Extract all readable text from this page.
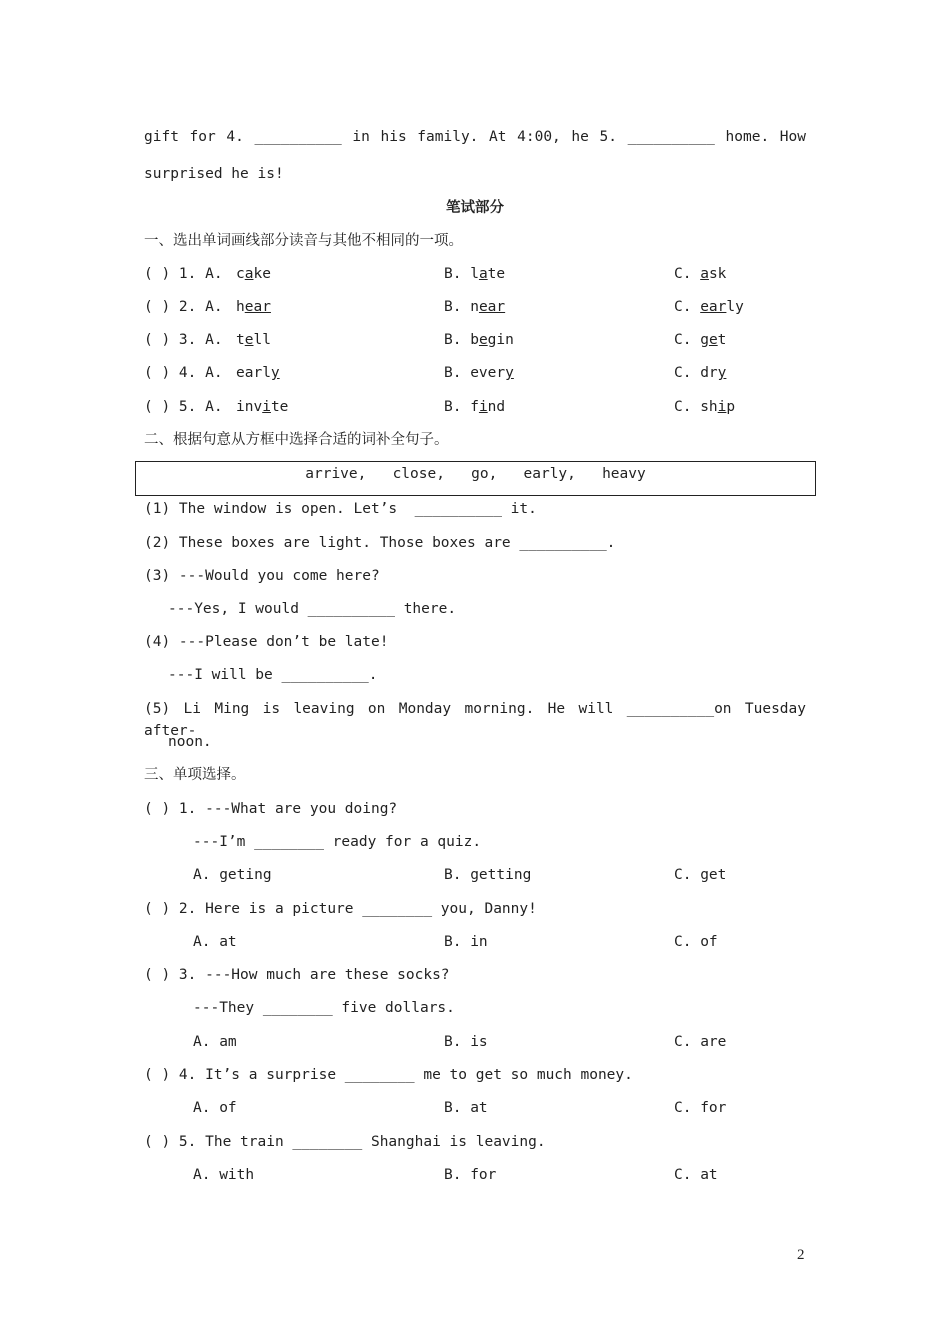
gift for 4. __________ in his family. At 4:00, he 5. __________ home. How
surprised he is!
笔试部分
一、选出单词画线部分读音与其他不相同的一项。
( ) 1. A. cake	B. late	C. ask
( ) 2. A. hear	B. near	C. early
( ) 3. A. tell	B. begin	C. get
( ) 4. A. early	B. every	C. dry
( ) 5. A. invite	B. find	C. ship
二、根据句意从方框中选择合适的词补全句子。
arrive,   close,   go,   early,   heavy
(1) The window is open. Let’s  __________ it.
(2) These boxes are light. Those boxes are __________.
(3) ---Would you come here?
---Yes, I would __________ there.
(4) ---Please don’t be late!
---I will be __________.
(5) Li Ming is leaving on Monday morning. He will __________on Tuesday after-
noon.
三、单项选择。
( ) 1. ---What are you doing?
---I’m ________ ready for a quiz.
A. geting	B. getting	C. get
( ) 2. Here is a picture ________ you, Danny!
A. at	B. in	C. of
( ) 3. ---How much are these socks?
---They ________ five dollars.
A. am	B. is	C. are
( ) 4. It’s a surprise ________ me to get so much money.
A. of	B. at	C. for
( ) 5. The train ________ Shanghai is leaving.
A. with	B. for	C. at
2
